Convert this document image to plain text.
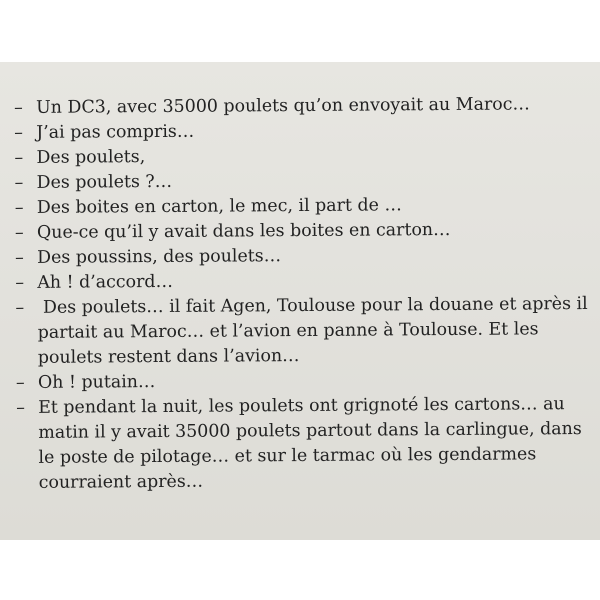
– Un DC3, avec 35000 poulets qu’on envoyait au Maroc…
– J’ai pas compris…
– Des poulets,
– Des poulets ?…
– Des boites en carton, le mec, il part de …
– Que-ce qu’il y avait dans les boites en carton…
– Des poussins, des poulets…
– Ah ! d’accord…
– Des poulets… il fait Agen, Toulouse pour la douane et après il partait au Maroc… et l’avion en panne à Toulouse. Et les poulets restent dans l’avion…
– Oh ! putain…
– Et pendant la nuit, les poulets ont grignoté les cartons… au matin il y avait 35000 poulets partout dans la carlingue, dans le poste de pilotage… et sur le tarmac où les gendarmes courraient après…
